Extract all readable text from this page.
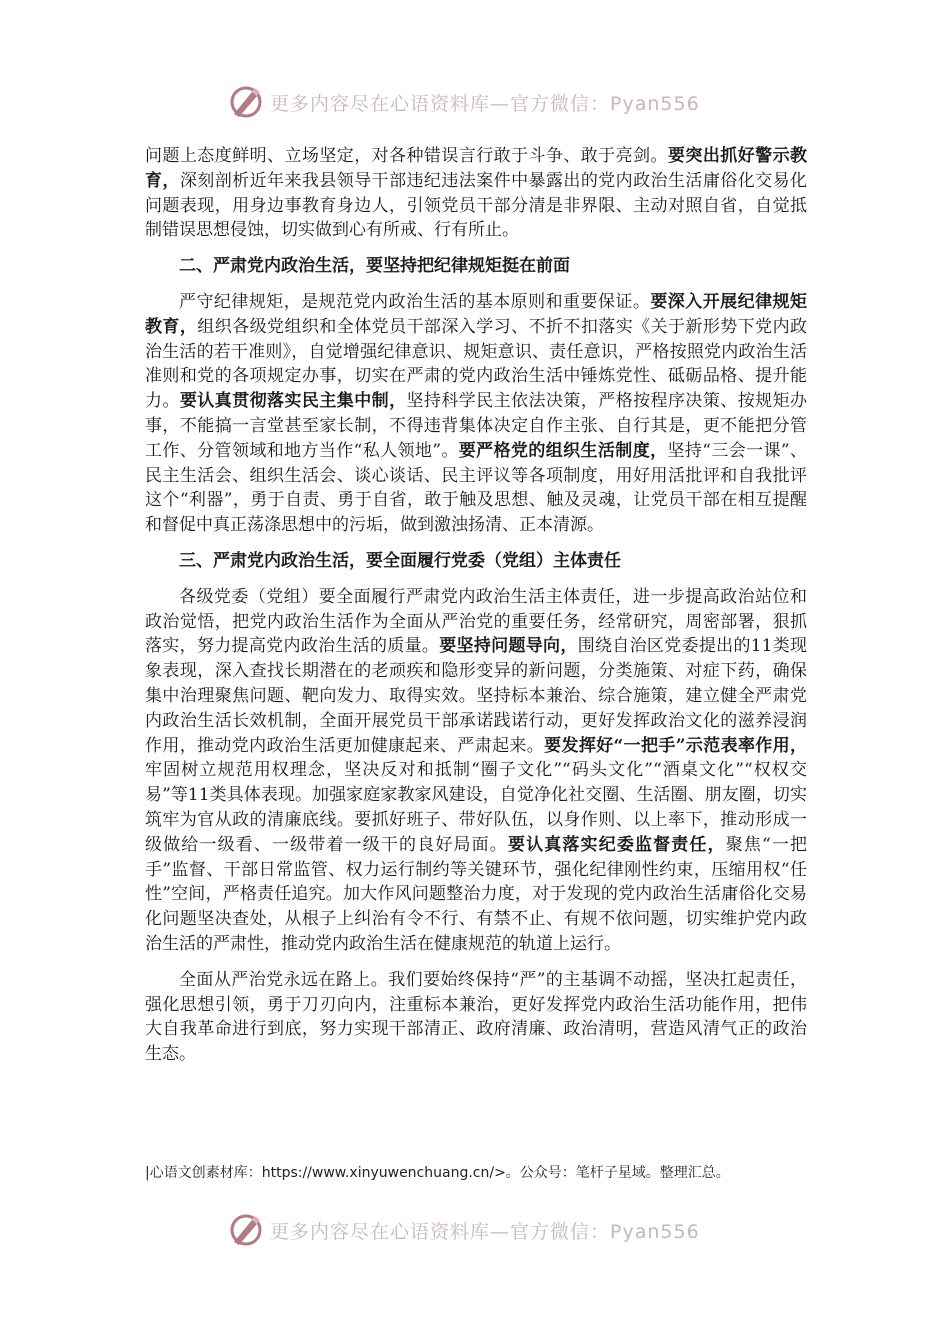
更多内容尽在心语资料库—官方微信：Pyan556

问题上态度鲜明、立场坚定，对各种错误言行敢于斗争、敢于亮剑。要突出抓好警示教育，深刻剖析近年来我县领导干部违纪违法案件中暴露出的党内政治生活庸俗化交易化问题表现，用身边事教育身边人，引领党员干部分清是非界限、主动对照自省，自觉抵制错误思想侵蚀，切实做到心有所戒、行有所止。

二、严肃党内政治生活，要坚持把纪律规矩挺在前面

严守纪律规矩，是规范党内政治生活的基本原则和重要保证。要深入开展纪律规矩教育，组织各级党组织和全体党员干部深入学习、不折不扣落实《关于新形势下党内政治生活的若干准则》，自觉增强纪律意识、规矩意识、责任意识，严格按照党内政治生活准则和党的各项规定办事，切实在严肃的党内政治生活中锤炼党性、砥砺品格、提升能力。要认真贯彻落实民主集中制，坚持科学民主依法决策，严格按程序决策、按规矩办事，不能搞一言堂甚至家长制，不得违背集体决定自作主张、自行其是，更不能把分管工作、分管领域和地方当作“私人领地”。要严格党的组织生活制度，坚持“三会一课”、民主生活会、组织生活会、谈心谈话、民主评议等各项制度，用好用活批评和自我批评这个“利器”，勇于自责、勇于自省，敢于触及思想、触及灵魂，让党员干部在相互提醒和督促中真正荡涤思想中的污垢，做到激浊扬清、正本清源。

三、严肃党内政治生活，要全面履行党委（党组）主体责任

各级党委（党组）要全面履行严肃党内政治生活主体责任，进一步提高政治站位和政治觉悟，把党内政治生活作为全面从严治党的重要任务，经常研究，周密部署，狠抓落实，努力提高党内政治生活的质量。要坚持问题导向，围绕自治区党委提出的11类现象表现，深入查找长期潜在的老顽疾和隐形变异的新问题，分类施策、对症下药，确保集中治理聚焦问题、靶向发力、取得实效。坚持标本兼治、综合施策，建立健全严肃党内政治生活长效机制，全面开展党员干部承诺践诺行动，更好发挥政治文化的滋养浸润作用，推动党内政治生活更加健康起来、严肃起来。要发挥好“一把手”示范表率作用，牢固树立规范用权理念，坚决反对和抵制“圈子文化”“码头文化”“酒桌文化”“权权交易”等11类具体表现。加强家庭家教家风建设，自觉净化社交圈、生活圈、朋友圈，切实筑牢为官从政的清廉底线。要抓好班子、带好队伍，以身作则、以上率下，推动形成一级做给一级看、一级带着一级干的良好局面。要认真落实纪委监督责任，聚焦“一把手”监督、干部日常监管、权力运行制约等关键环节，强化纪律刚性约束，压缩用权“任性”空间，严格责任追究。加大作风问题整治力度，对于发现的党内政治生活庸俗化交易化问题坚决查处，从根子上纠治有令不行、有禁不止、有规不依问题，切实维护党内政治生活的严肃性，推动党内政治生活在健康规范的轨道上运行。

全面从严治党永远在路上。我们要始终保持“严”的主基调不动摇，坚决扛起责任，强化思想引领，勇于刀刃向内，注重标本兼治，更好发挥党内政治生活功能作用，把伟大自我革命进行到底，努力实现干部清正、政府清廉、政治清明，营造风清气正的政治生态。

|心语文创素材库：https://www.xinyuwenchuang.cn/>。公众号：笔杆子星域。整理汇总。
更多内容尽在心语资料库—官方微信：Pyan556
